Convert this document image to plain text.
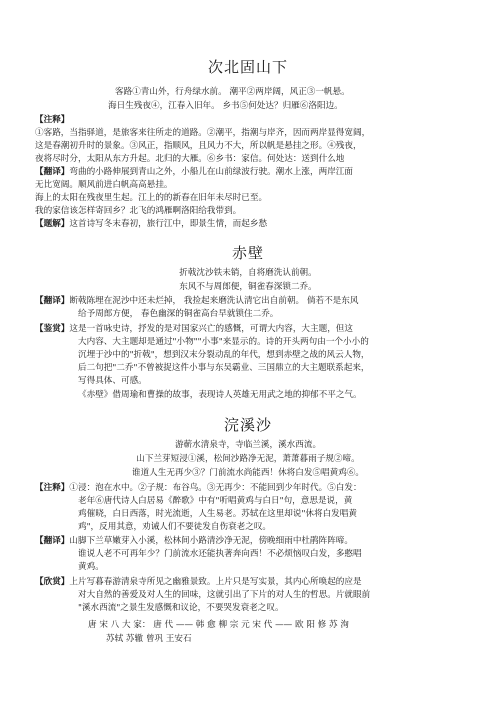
次北固山下
客路①青山外，行舟绿水前。 潮平②两岸阔，风正③一帆悬。
海日生残夜④，江春入旧年。 乡书⑤何处达？归雁⑥洛阳边。
【注释】
①客路，当指驿道，是旅客来往所走的道路。②潮平，指潮与岸齐，因而两岸显得宽阔，
这是春潮初升时的景象。③风正，指顺风，且风力不大，所以帆是悬挂之形。④残夜，
夜将尽时分，太阳从东方升起。北归的大雁。⑥乡书：家信。何处达：送到什么地
【翻译】弯曲的小路伸展到青山之外，小船儿在山前绿波行驶。潮水上涨，两岸江面
无比宽阔。顺风前进白帆高高悬挂。
海上的太阳在残夜里生起。江上的的新春在旧年未尽时已至。
我的家信该怎样寄回乡？北飞的鸿雁啊洛阳给我带到。
【题解】这首诗写冬末春初，旅行江中，即景生情，而起乡愁
赤壁
折戟沈沙铁未销，自将磨洗认前朝。
东风不与周郎便，铜雀春深锁二乔。
【翻译】断戟陈埋在泥沙中还未烂掉， 我捡起来磨洗认清它出自前朝。 倘若不是东风
给予周郎方便， 春色幽深的铜雀高台早就锁住二乔。
【鉴赏】这是一首咏史诗，抒发的是对国家兴亡的感慨，可谓大内容，大主题，但这
大内容、大主题却是通过"小物""小事"来显示的。诗的开头两句由一个小小的
沉埋于沙中的"折戟"，想到汉末分裂动乱的年代，想到赤壁之战的风云人物，
后二句把"二乔"不曾被捉这件小事与东吴霸业、三国鼎立的大主题联系起来，
写得具体、可感。
《赤壁》借周瑜和曹操的故事，表现诗人英雄无用武之地的抑郁不平之气。
浣溪沙
游蕲水清泉寺，寺临兰溪，溪水西流。
山下兰芽短浸①溪，松间沙路净无泥，萧萧暮雨子规②啼。
谁道人生无再少③？门前流水尚能西！休将白发⑤唱黄鸡⑥。
【注释】①浸：泡在水中。②子规：布谷鸟。③无再少：不能回到少年时代。⑤白发：
老年⑥唐代诗人白居易《醉歌》中有"听唱黄鸡与白日"句，意思是说，黄
鸡催晓，白日西落，时光流逝，人生易老。苏轼在这里却说"休将白发唱黄
鸡"，反用其意，劝诫人们不要徒发自伤衰老之叹。
【翻译】山脚下兰草嫩芽入小溪，松林间小路清沙净无泥，傍晚细雨中杜鹃阵阵啼。
谁说人老不可再年少？门前流水还能执著奔向西！不必烦恼叹白发，多憨唱
黄鸡。
【欣赏】上片写暮春游清泉寺所见之幽雅景致。上片只是写实景，其内心所唤起的应是
对大自然的善爱及对人生的回味，这就引出了下片的对人生的哲思。片就眼前
"溪水西流"之景生发感慨和议论，不要哭发衰老之叹。
唐 宋 八 大 家： 唐 代 —— 韩 愈 柳 宗 元 宋 代 —— 欧 阳 修 苏 洵
苏轼 苏辙 曾巩 王安石
